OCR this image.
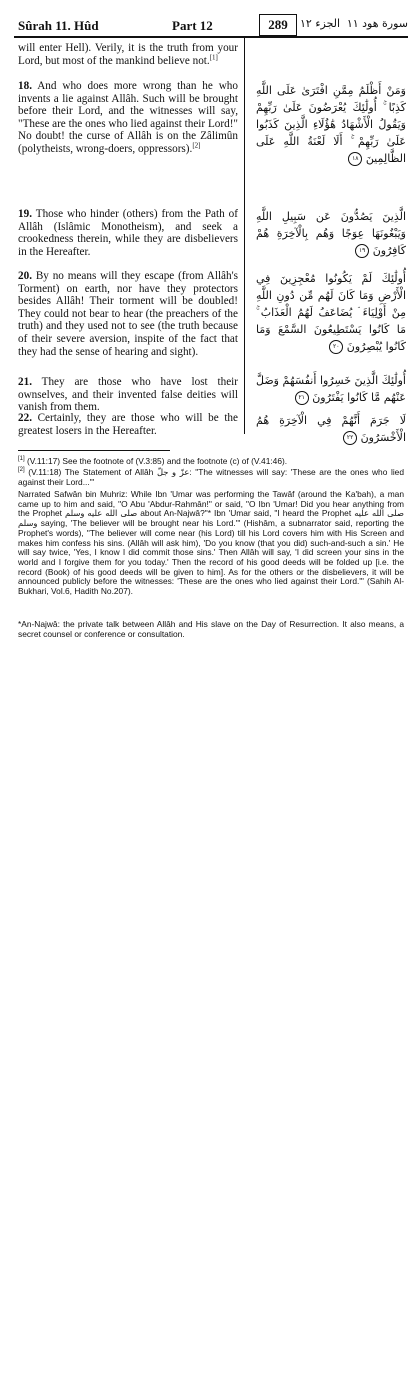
Sûrah 11. Hûd	Part 12	289	الجزء ١٢ سورة هود ١١
will enter Hell). Verily, it is the truth from your Lord, but most of the mankind believe not.[1]
18. And who does more wrong than he who invents a lie against Allâh. Such will be brought before their Lord, and the witnesses will say, "These are the ones who lied against their Lord!" No doubt! the curse of Allâh is on the Zâlimûn (polytheists, wrong-doers, oppressors).[2]
وَمَنْ أَظْلَمُ مِمَّنِ افْتَرَىٰ عَلَى اللَّهِ كَذِبًا ۚ أُولَٰئِكَ يُعْرَضُونَ عَلَىٰ رَبِّهِمْ وَيَقُولُ الْأَشْهَادُ هَٰؤُلَاءِ الَّذِينَ كَذَبُوا عَلَىٰ رَبِّهِمْ ۚ أَلَا لَعْنَةُ اللَّهِ عَلَى الظَّالِمِينَ ١٨
19. Those who hinder (others) from the Path of Allâh (Islâmic Monotheism), and seek a crookedness therein, while they are disbelievers in the Hereafter.
الَّذِينَ يَصُدُّونَ عَن سَبِيلِ اللَّهِ وَيَبْغُونَهَا عِوَجًا وَهُم بِالْآخِرَةِ هُمْ كَافِرُونَ ١٩
20. By no means will they escape (from Allâh's Torment) on earth, nor have they protectors besides Allâh! Their torment will be doubled! They could not bear to hear (the preachers of the truth) and they used not to see (the truth because of their severe aversion, inspite of the fact that they had the sense of hearing and sight).
أُولَٰئِكَ لَمْ يَكُونُوا مُعْجِزِينَ فِي الْأَرْضِ وَمَا كَانَ لَهُم مِّن دُونِ اللَّهِ مِنْ أَوْلِيَاءَ ۘ يُضَاعَفُ لَهُمُ الْعَذَابُ ۚ مَا كَانُوا يَسْتَطِيعُونَ السَّمْعَ وَمَا كَانُوا يُبْصِرُونَ ٢٠
21. They are those who have lost their ownselves, and their invented false deities will vanish from them.
أُولَٰئِكَ الَّذِينَ خَسِرُوا أَنفُسَهُمْ وَضَلَّ عَنْهُم مَّا كَانُوا يَفْتَرُونَ ٢١
22. Certainly, they are those who will be the greatest losers in the Hereafter.
لَا جَرَمَ أَنَّهُمْ فِي الْآخِرَةِ هُمُ الْأَخْسَرُونَ ٢٢
[1] (V.11:17) See the footnote of (V.3:85) and the footnote (c) of (V.41:46).
[2] (V.11:18) The Statement of Allâh عزّ و جلّ: "The witnesses will say: 'These are the ones who lied against their Lord...'"
Narrated Safwân bin Muhriz: While Ibn 'Umar was performing the Tawâf (around the Ka'bah), a man came up to him and said, "O Abu 'Abdur-Rahmân!" or said, "O Ibn 'Umar! Did you hear anything from the Prophet صلى الله عليه وسلم about An-Najwâ?"* Ibn 'Umar said, "I heard the Prophet صلى الله عليه وسلم saying, 'The believer will be brought near his Lord.'" (Hishâm, a subnarrator said, reporting the Prophet's words), "The believer will come near (his Lord) till his Lord covers him with His Screen and makes him confess his sins. (Allâh will ask him), 'Do you know (that you did) such-and-such a sin.' He will say twice, 'Yes, I know I did commit those sins.' Then Allâh will say, 'I did screen your sins in the world and I forgive them for you today.' Then the record of his good deeds will be folded up [i.e. the record (Book) of his good deeds will be given to him]. As for the others or the disbelievers, it will be announced publicly before the witnesses: 'These are the ones who lied against their Lord.'" (Sahih Al-Bukhari, Vol.6, Hadith No.207).
*An-Najwâ: the private talk between Allâh and His slave on the Day of Resurrection. It also means, a secret counsel or conference or consultation.
